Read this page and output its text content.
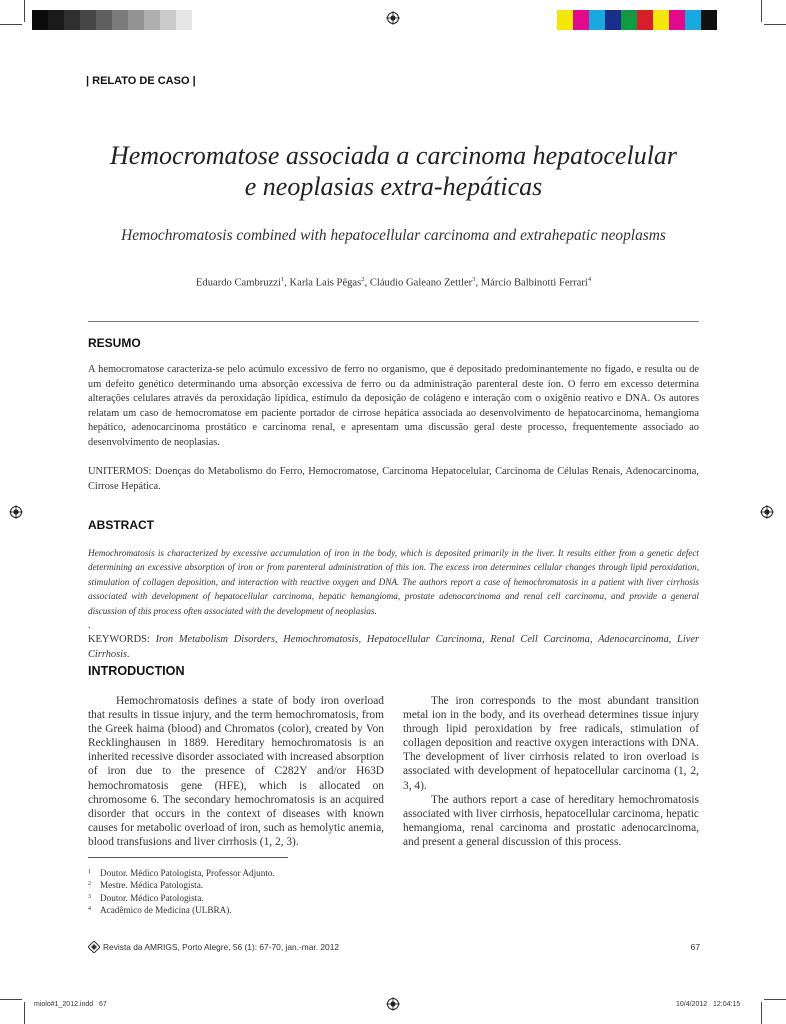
| RELATO DE CASO |
Hemocromatose associada a carcinoma hepatocelular
e neoplasias extra-hepáticas
Hemochromatosis combined with hepatocellular carcinoma and extrahepatic neoplasms
Eduardo Cambruzzi$^1$, Karla Lais Pêgas$^2$, Cláudio Galeano Zettler$^3$, Márcio Balbinotti Ferrari$^4$
RESUMO
A hemocromatose caracteriza-se pelo acúmulo excessivo de ferro no organismo, que é depositado predominantemente no fígado, e resulta ou de um defeito genético determinando uma absorção excessiva de ferro ou da administração parenteral deste íon. O ferro em excesso determina alterações celulares através da peroxidação lipídica, estímulo da deposição de colágeno e interação com o oxigênio reativo e DNA. Os autores relatam um caso de hemocromatose em paciente portador de cirrose hepática associada ao desenvolvimento de hepatocarcinoma, hemangioma hepático, adenocarcinoma prostático e carcinoma renal, e apresentam uma discussão geral deste processo, frequentemente associado ao desenvolvimento de neoplasias.
UNITERMOS: Doenças do Metabolismo do Ferro, Hemocromatose, Carcinoma Hepatocelular, Carcinoma de Células Renais, Adenocarcinoma, Cirrose Hepática.
ABSTRACT
Hemochromatosis is characterized by excessive accumulation of iron in the body, which is deposited primarily in the liver. It results either from a genetic defect determining an excessive absorption of iron or from parenteral administration of this ion. The excess iron determines cellular changes through lipid peroxidation, stimulation of collagen deposition, and interaction with reactive oxygen and DNA. The authors report a case of hemochromatosis in a patient with liver cirrhosis associated with development of hepatocellular carcinoma, hepatic hemangioma, prostate adenocarcinoma and renal cell carcinoma, and provide a general discussion of this process often associated with the development of neoplasias.
.
KEYWORDS: Iron Metabolism Disorders, Hemochromatosis, Hepatocellular Carcinoma, Renal Cell Carcinoma, Adenocarcinoma, Liver Cirrhosis.
INTRODUCTION

Hemochromatosis defines a state of body iron overload that results in tissue injury, and the term hemochromatosis, from the Greek haima (blood) and Chromatos (color), created by Von Recklinghausen in 1889. Hereditary hemochromatosis is an inherited recessive disorder associated with increased absorption of iron due to the presence of C282Y and/or H63D hemochromatosis gene (HFE), which is allocated on chromosome 6. The secondary hemochromatosis is an acquired disorder that occurs in the context of diseases with known causes for metabolic overload of iron, such as hemolytic anemia, blood transfusions and liver cirrhosis (1, 2, 3).

The iron corresponds to the most abundant transition metal ion in the body, and its overhead determines tissue injury through lipid peroxidation by free radicals, stimulation of collagen deposition and reactive oxygen interactions with DNA. The development of liver cirrhosis related to iron overload is associated with development of hepatocellular carcinoma (1, 2, 3, 4).

The authors report a case of hereditary hemochromatosis associated with liver cirrhosis, hepatocellular carcinoma, hepatic hemangioma, renal carcinoma and prostatic adenocarcinoma, and present a general discussion of this process.

$^1$ Doutor. Médico Patologista, Professor Adjunto.
$^2$ Mestre. Médica Patologista.
$^3$ Doutor. Médico Patologista.
$^4$ Acadêmico de Medicina (ULBRA).
Revista da AMRIGS, Porto Alegre, 56 (1): 67-70, jan.-mar. 2012	67
miolo#1_2012.indd   67	10/4/2012   12:04:15
